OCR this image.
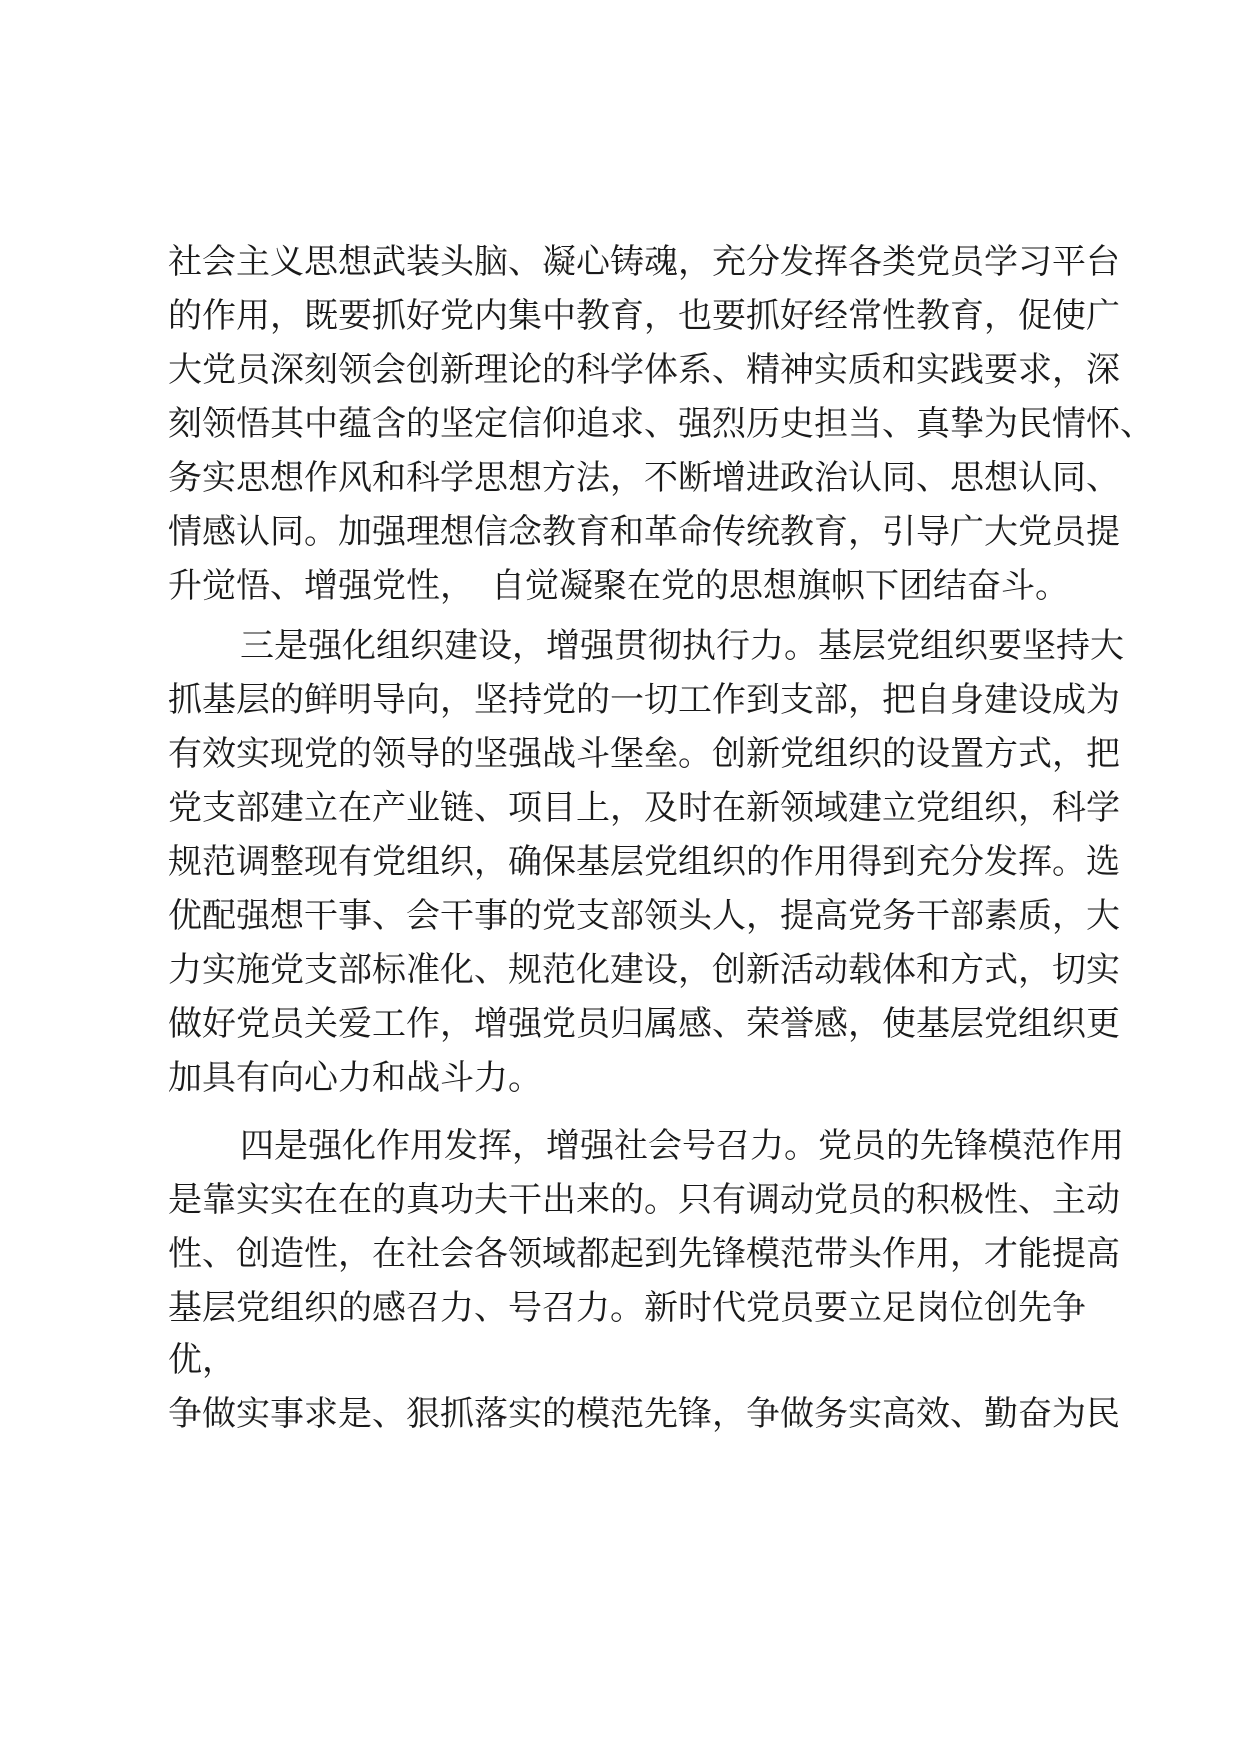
社会主义思想武装头脑、凝心铸魂，充分发挥各类党员学习平台
的作用，既要抓好党内集中教育，也要抓好经常性教育，促使广
大党员深刻领会创新理论的科学体系、精神实质和实践要求，深
刻领悟其中蕴含的坚定信仰追求、强烈历史担当、真挚为民情怀、
务实思想作风和科学思想方法，不断增进政治认同、思想认同、
情感认同。加强理想信念教育和革命传统教育，引导广大党员提
升觉悟、增强党性，　自觉凝聚在党的思想旗帜下团结奋斗。
三是强化组织建设，增强贯彻执行力。基层党组织要坚持大
抓基层的鲜明导向，坚持党的一切工作到支部，把自身建设成为
有效实现党的领导的坚强战斗堡垒。创新党组织的设置方式，把
党支部建立在产业链、项目上，及时在新领域建立党组织，科学
规范调整现有党组织，确保基层党组织的作用得到充分发挥。选
优配强想干事、会干事的党支部领头人，提高党务干部素质，大
力实施党支部标准化、规范化建设，创新活动载体和方式，切实
做好党员关爱工作，增强党员归属感、荣誉感，使基层党组织更
加具有向心力和战斗力。
四是强化作用发挥，增强社会号召力。党员的先锋模范作用
是靠实实在在的真功夫干出来的。只有调动党员的积极性、主动
性、创造性，在社会各领域都起到先锋模范带头作用，才能提高
基层党组织的感召力、号召力。新时代党员要立足岗位创先争
优，
争做实事求是、狠抓落实的模范先锋，争做务实高效、勤奋为民
